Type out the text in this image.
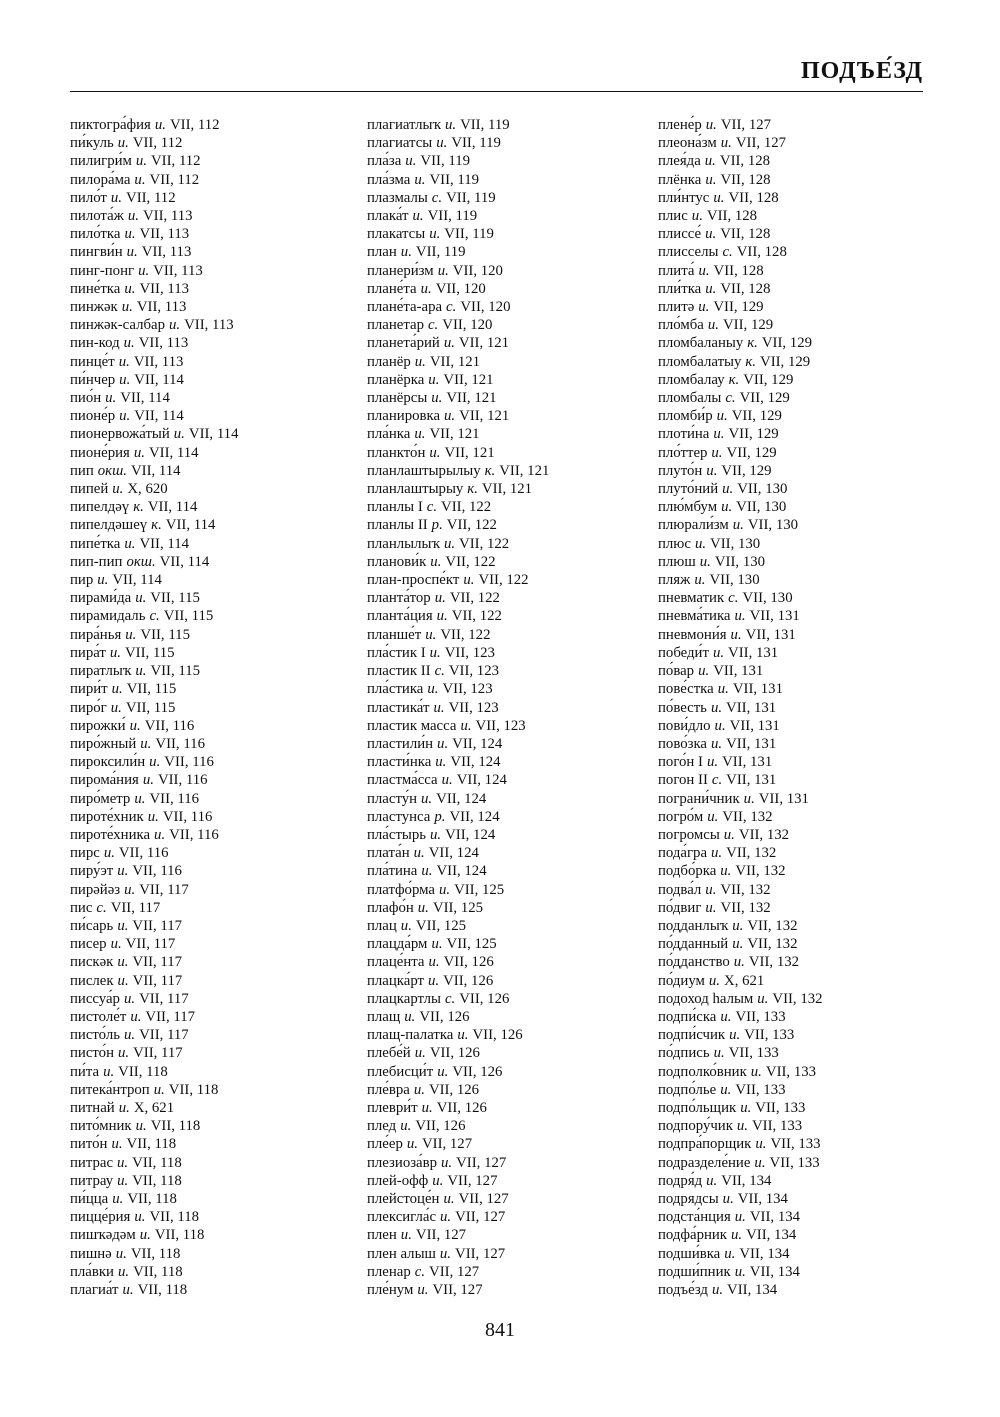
ПОДЪЕ́ЗД
пиктогра́фия и. VII, 112
пи́куль и. VII, 112
пилигри́м и. VII, 112
пилора́ма и. VII, 112
пило́т и. VII, 112
пилота́ж и. VII, 113
пило́тка и. VII, 113
пингви́н и. VII, 113
пинг-понг и. VII, 113
пине́тка и. VII, 113
пинжәк и. VII, 113
пинжәк-салбар и. VII, 113
пин-код и. VII, 113
пинце́т и. VII, 113
пи́нчер и. VII, 114
пио́н и. VII, 114
пионе́р и. VII, 114
пионервожа́тый и. VII, 114
пионе́рия и. VII, 114
пип окш. VII, 114
пипей и. X, 620
пипелдәү к. VII, 114
пипелдәшеү к. VII, 114
пипе́тка и. VII, 114
пип-пип окш. VII, 114
пир и. VII, 114
пирами́да и. VII, 115
пирамидаль с. VII, 115
пира́нья и. VII, 115
пира́т и. VII, 115
пиратлыҡ и. VII, 115
пири́т и. VII, 115
пиро́г и. VII, 115
пирожки́ и. VII, 116
пиро́жный и. VII, 116
пироксили́н и. VII, 116
пирома́ния и. VII, 116
пиро́метр и. VII, 116
пироте́хник и. VII, 116
пироте́хника и. VII, 116
пирс и. VII, 116
пиру́эт и. VII, 116
пирәйәз и. VII, 117
пис с. VII, 117
пи́сарь и. VII, 117
писер и. VII, 117
пискәк и. VII, 117
пислек и. VII, 117
писсуа́р и. VII, 117
пистоле́т и. VII, 117
писто́ль и. VII, 117
писто́н и. VII, 117
пи́та и. VII, 118
питека́нтроп и. VII, 118
питнай и. X, 621
пито́мник и. VII, 118
пито́н и. VII, 118
питрас и. VII, 118
питрау и. VII, 118
пи́цца и. VII, 118
пицце́рия и. VII, 118
пишҡәдәм и. VII, 118
пишнә и. VII, 118
пла́вки и. VII, 118
плагиа́т и. VII, 118
плагиатлыҡ и. VII, 119
плагиатсы и. VII, 119
пла́за и. VII, 119
пла́зма и. VII, 119
плазмалы с. VII, 119
плака́т и. VII, 119
плакатсы и. VII, 119
план и. VII, 119
планери́зм и. VII, 120
плане́та и. VII, 120
плане́та-ара с. VII, 120
планетар с. VII, 120
планета́рий и. VII, 121
планёр и. VII, 121
планёрка и. VII, 121
планёрсы и. VII, 121
планировка и. VII, 121
пла́нка и. VII, 121
планкто́н и. VII, 121
планлаштырылыу к. VII, 121
планлаштырыу к. VII, 121
планлы I с. VII, 122
планлы II р. VII, 122
планлылыҡ и. VII, 122
планови́к и. VII, 122
план-проспе́кт и. VII, 122
планта́тор и. VII, 122
планта́ция и. VII, 122
планше́т и. VII, 122
пла́стик I и. VII, 123
пластик II с. VII, 123
пла́стика и. VII, 123
пластика́т и. VII, 123
пластик масса и. VII, 123
пластили́н и. VII, 124
пласти́нка и. VII, 124
пластма́сса и. VII, 124
пласту́н и. VII, 124
пластунса р. VII, 124
пла́стырь и. VII, 124
плата́н и. VII, 124
пла́тина и. VII, 124
платфо́рма и. VII, 125
плафо́н и. VII, 125
плац и. VII, 125
плацда́рм и. VII, 125
плаце́нта и. VII, 126
плацка́рт и. VII, 126
плацкартлы с. VII, 126
плащ и. VII, 126
плащ-палатка и. VII, 126
плебе́й и. VII, 126
плебисци́т и. VII, 126
пле́вра и. VII, 126
плеври́т и. VII, 126
плед и. VII, 126
пле́ер и. VII, 127
плезиоза́вр и. VII, 127
плей-офф и. VII, 127
плейстоце́н и. VII, 127
плексигла́с и. VII, 127
плен и. VII, 127
плен алыш и. VII, 127
пленар с. VII, 127
пле́нум и. VII, 127
плене́р и. VII, 127
плеона́зм и. VII, 127
плея́да и. VII, 128
плёнка и. VII, 128
пли́нтус и. VII, 128
плис и. VII, 128
плиссе́ и. VII, 128
плисселы с. VII, 128
плита́ и. VII, 128
пли́тка и. VII, 128
плитә и. VII, 129
пло́мба и. VII, 129
пломбаланыу к. VII, 129
пломбалатыу к. VII, 129
пломбалау к. VII, 129
пломбалы с. VII, 129
пломби́р и. VII, 129
плоти́на и. VII, 129
пло́ттер и. VII, 129
плуто́н и. VII, 129
плуто́ний и. VII, 130
плю́мбум и. VII, 130
плюрали́зм и. VII, 130
плюс и. VII, 130
плюш и. VII, 130
пляж и. VII, 130
пневматик с. VII, 130
пневма́тика и. VII, 131
пневмони́я и. VII, 131
победи́т и. VII, 131
по́вар и. VII, 131
пове́стка и. VII, 131
по́весть и. VII, 131
пови́дло и. VII, 131
пово́зка и. VII, 131
пого́н I и. VII, 131
погон II с. VII, 131
пограни́чник и. VII, 131
погро́м и. VII, 132
погромсы и. VII, 132
пода́гра и. VII, 132
подбо́рка и. VII, 132
подва́л и. VII, 132
по́двиг и. VII, 132
подданлыҡ и. VII, 132
по́дданный и. VII, 132
по́дданство и. VII, 132
по́диум и. X, 621
подоход һалым и. VII, 132
подпи́ска и. VII, 133
подпи́счик и. VII, 133
по́дпись и. VII, 133
подполко́вник и. VII, 133
подпо́лье и. VII, 133
подпо́льщик и. VII, 133
подпору́чик и. VII, 133
подпра́порщик и. VII, 133
подразделе́ние и. VII, 133
подря́д и. VII, 134
подрядсы и. VII, 134
подста́нция и. VII, 134
подфа́рник и. VII, 134
подши́вка и. VII, 134
подши́пник и. VII, 134
подъе́зд и. VII, 134
841
